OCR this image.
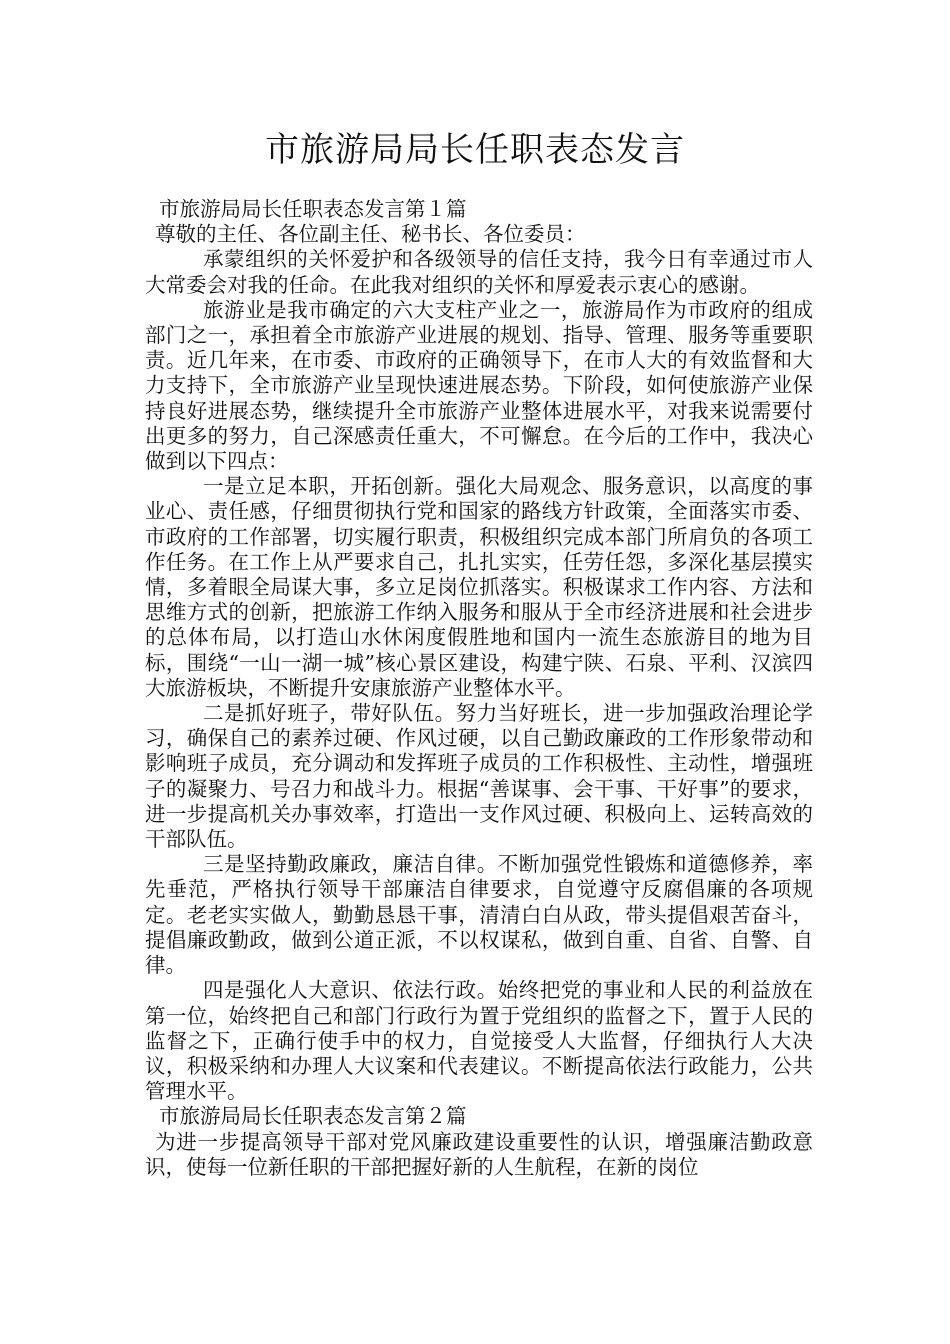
市旅游局局长任职表态发言

市旅游局局长任职表态发言第１篇

尊敬的主任、各位副主任、秘书长、各位委员：

承蒙组织的关怀爱护和各级领导的信任支持，我今日有幸通过市人大常委会对我的任命。在此我对组织的关怀和厚爱表示衷心的感谢。

旅游业是我市确定的六大支柱产业之一，旅游局作为市政府的组成部门之一，承担着全市旅游产业进展的规划、指导、管理、服务等重要职责。近几年来，在市委、市政府的正确领导下，在市人大的有效监督和大力支持下，全市旅游产业呈现快速进展态势。下阶段，如何使旅游产业保持良好进展态势，继续提升全市旅游产业整体进展水平，对我来说需要付出更多的努力，自己深感责任重大，不可懈怠。在今后的工作中，我决心做到以下四点：

一是立足本职，开拓创新。强化大局观念、服务意识，以高度的事业心、责任感，仔细贯彻执行党和国家的路线方针政策，全面落实市委、市政府的工作部署，切实履行职责，积极组织完成本部门所肩负的各项工作任务。在工作上从严要求自己，扎扎实实，任劳任怨，多深化基层摸实情，多着眼全局谋大事，多立足岗位抓落实。积极谋求工作内容、方法和思维方式的创新，把旅游工作纳入服务和服从于全市经济进展和社会进步的总体布局，以打造山水休闲度假胜地和国内一流生态旅游目的地为目标，围绕“一山一湖一城”核心景区建设，构建宁陕、石泉、平利、汉滨四大旅游板块，不断提升安康旅游产业整体水平。

二是抓好班子，带好队伍。努力当好班长，进一步加强政治理论学习，确保自己的素养过硬、作风过硬，以自己勤政廉政的工作形象带动和影响班子成员，充分调动和发挥班子成员的工作积极性、主动性，增强班子的凝聚力、号召力和战斗力。根据“善谋事、会干事、干好事”的要求，进一步提高机关办事效率，打造出一支作风过硬、积极向上、运转高效的干部队伍。

三是坚持勤政廉政，廉洁自律。不断加强党性锻炼和道德修养，率先垂范，严格执行领导干部廉洁自律要求，自觉遵守反腐倡廉的各项规定。老老实实做人，勤勤恳恳干事，清清白白从政，带头提倡艰苦奋斗，提倡廉政勤政，做到公道正派，不以权谋私，做到自重、自省、自警、自律。

四是强化人大意识、依法行政。始终把党的事业和人民的利益放在第一位，始终把自己和部门行政行为置于党组织的监督之下，置于人民的监督之下，正确行使手中的权力，自觉接受人大监督，仔细执行人大决议，积极采纳和办理人大议案和代表建议。不断提高依法行政能力，公共管理水平。

市旅游局局长任职表态发言第２篇

为进一步提高领导干部对党风廉政建设重要性的认识，增强廉洁勤政意识，使每一位新任职的干部把握好新的人生航程，在新的岗位
